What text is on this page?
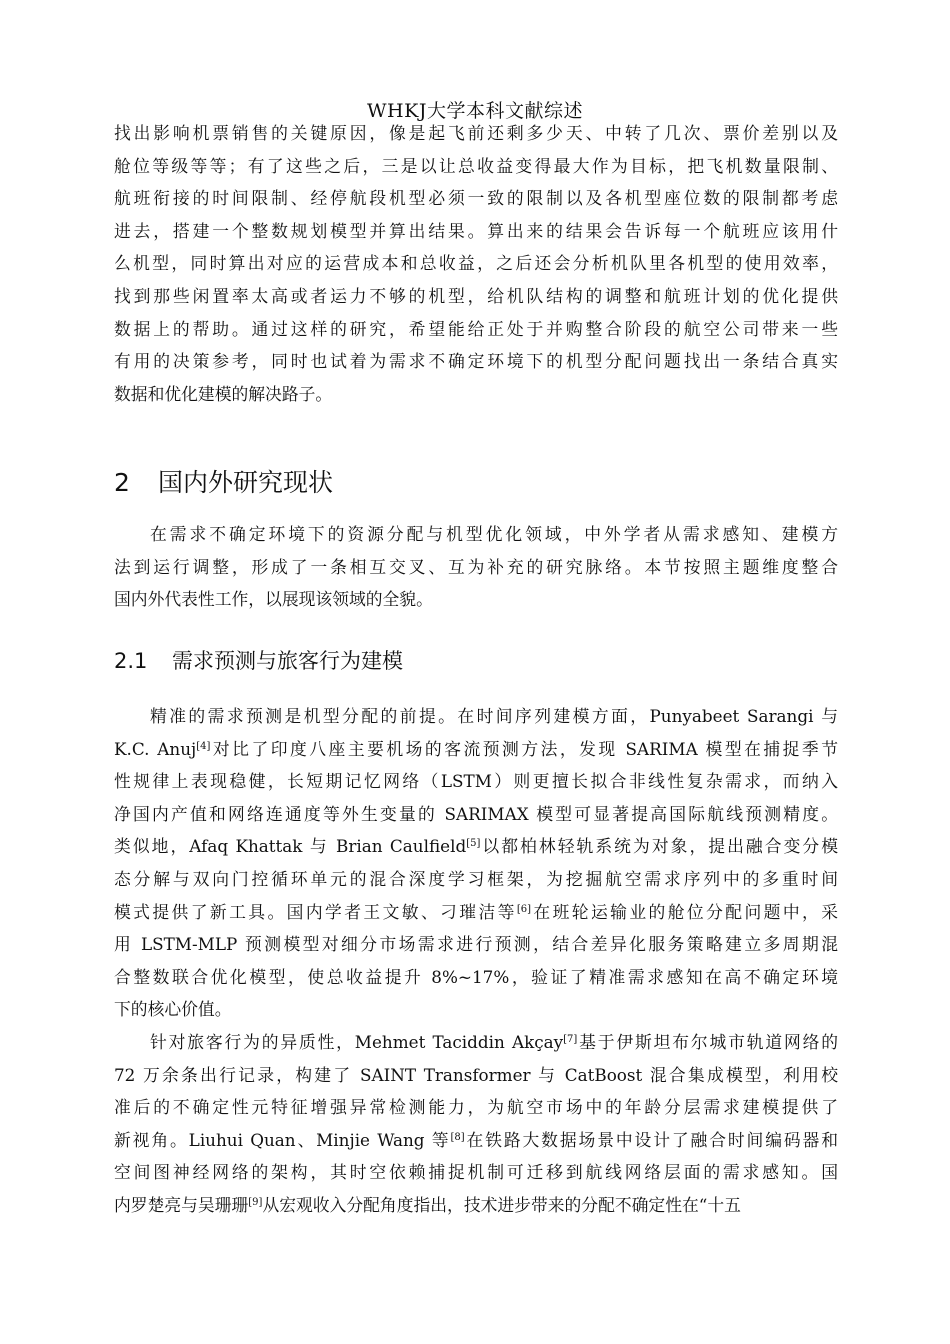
WHKJ大学本科文献综述
找出影响机票销售的关键原因，像是起飞前还剩多少天、中转了几次、票价差别以及
舱位等级等等；有了这些之后，三是以让总收益变得最大作为目标，把飞机数量限制、
航班衔接的时间限制、经停航段机型必须一致的限制以及各机型座位数的限制都考虑
进去，搭建一个整数规划模型并算出结果。算出来的结果会告诉每一个航班应该用什
么机型，同时算出对应的运营成本和总收益，之后还会分析机队里各机型的使用效率，
找到那些闲置率太高或者运力不够的机型，给机队结构的调整和航班计划的优化提供
数据上的帮助。通过这样的研究，希望能给正处于并购整合阶段的航空公司带来一些
有用的决策参考，同时也试着为需求不确定环境下的机型分配问题找出一条结合真实
数据和优化建模的解决路子。
2 国内外研究现状
在需求不确定环境下的资源分配与机型优化领域，中外学者从需求感知、建模方
法到运行调整，形成了一条相互交叉、互为补充的研究脉络。本节按照主题维度整合
国内外代表性工作，以展现该领域的全貌。
2.1 需求预测与旅客行为建模
精准的需求预测是机型分配的前提。在时间序列建模方面，Punyabeet Sarangi 与
K.C. Anuj[4]对比了印度八座主要机场的客流预测方法，发现 SARIMA 模型在捕捉季节
性规律上表现稳健，长短期记忆网络（LSTM）则更擅长拟合非线性复杂需求，而纳入
净国内产值和网络连通度等外生变量的 SARIMAX 模型可显著提高国际航线预测精度。
类似地，Afaq Khattak 与 Brian Caulfield[5]以都柏林轻轨系统为对象，提出融合变分模
态分解与双向门控循环单元的混合深度学习框架，为挖掘航空需求序列中的多重时间
模式提供了新工具。国内学者王文敏、刁璀洁等[6]在班轮运输业的舱位分配问题中，采
用 LSTM-MLP 预测模型对细分市场需求进行预测，结合差异化服务策略建立多周期混
合整数联合优化模型，使总收益提升 8%~17%，验证了精准需求感知在高不确定环境
下的核心价值。
针对旅客行为的异质性，Mehmet Taciddin Akçay[7]基于伊斯坦布尔城市轨道网络的
72 万余条出行记录，构建了 SAINT Transformer 与 CatBoost 混合集成模型，利用校
准后的不确定性元特征增强异常检测能力，为航空市场中的年龄分层需求建模提供了
新视角。Liuhui Quan、Minjie Wang 等[8]在铁路大数据场景中设计了融合时间编码器和
空间图神经网络的架构，其时空依赖捕捉机制可迁移到航线网络层面的需求感知。国
内罗楚亮与吴珊珊[9]从宏观收入分配角度指出，技术进步带来的分配不确定性在“十五
